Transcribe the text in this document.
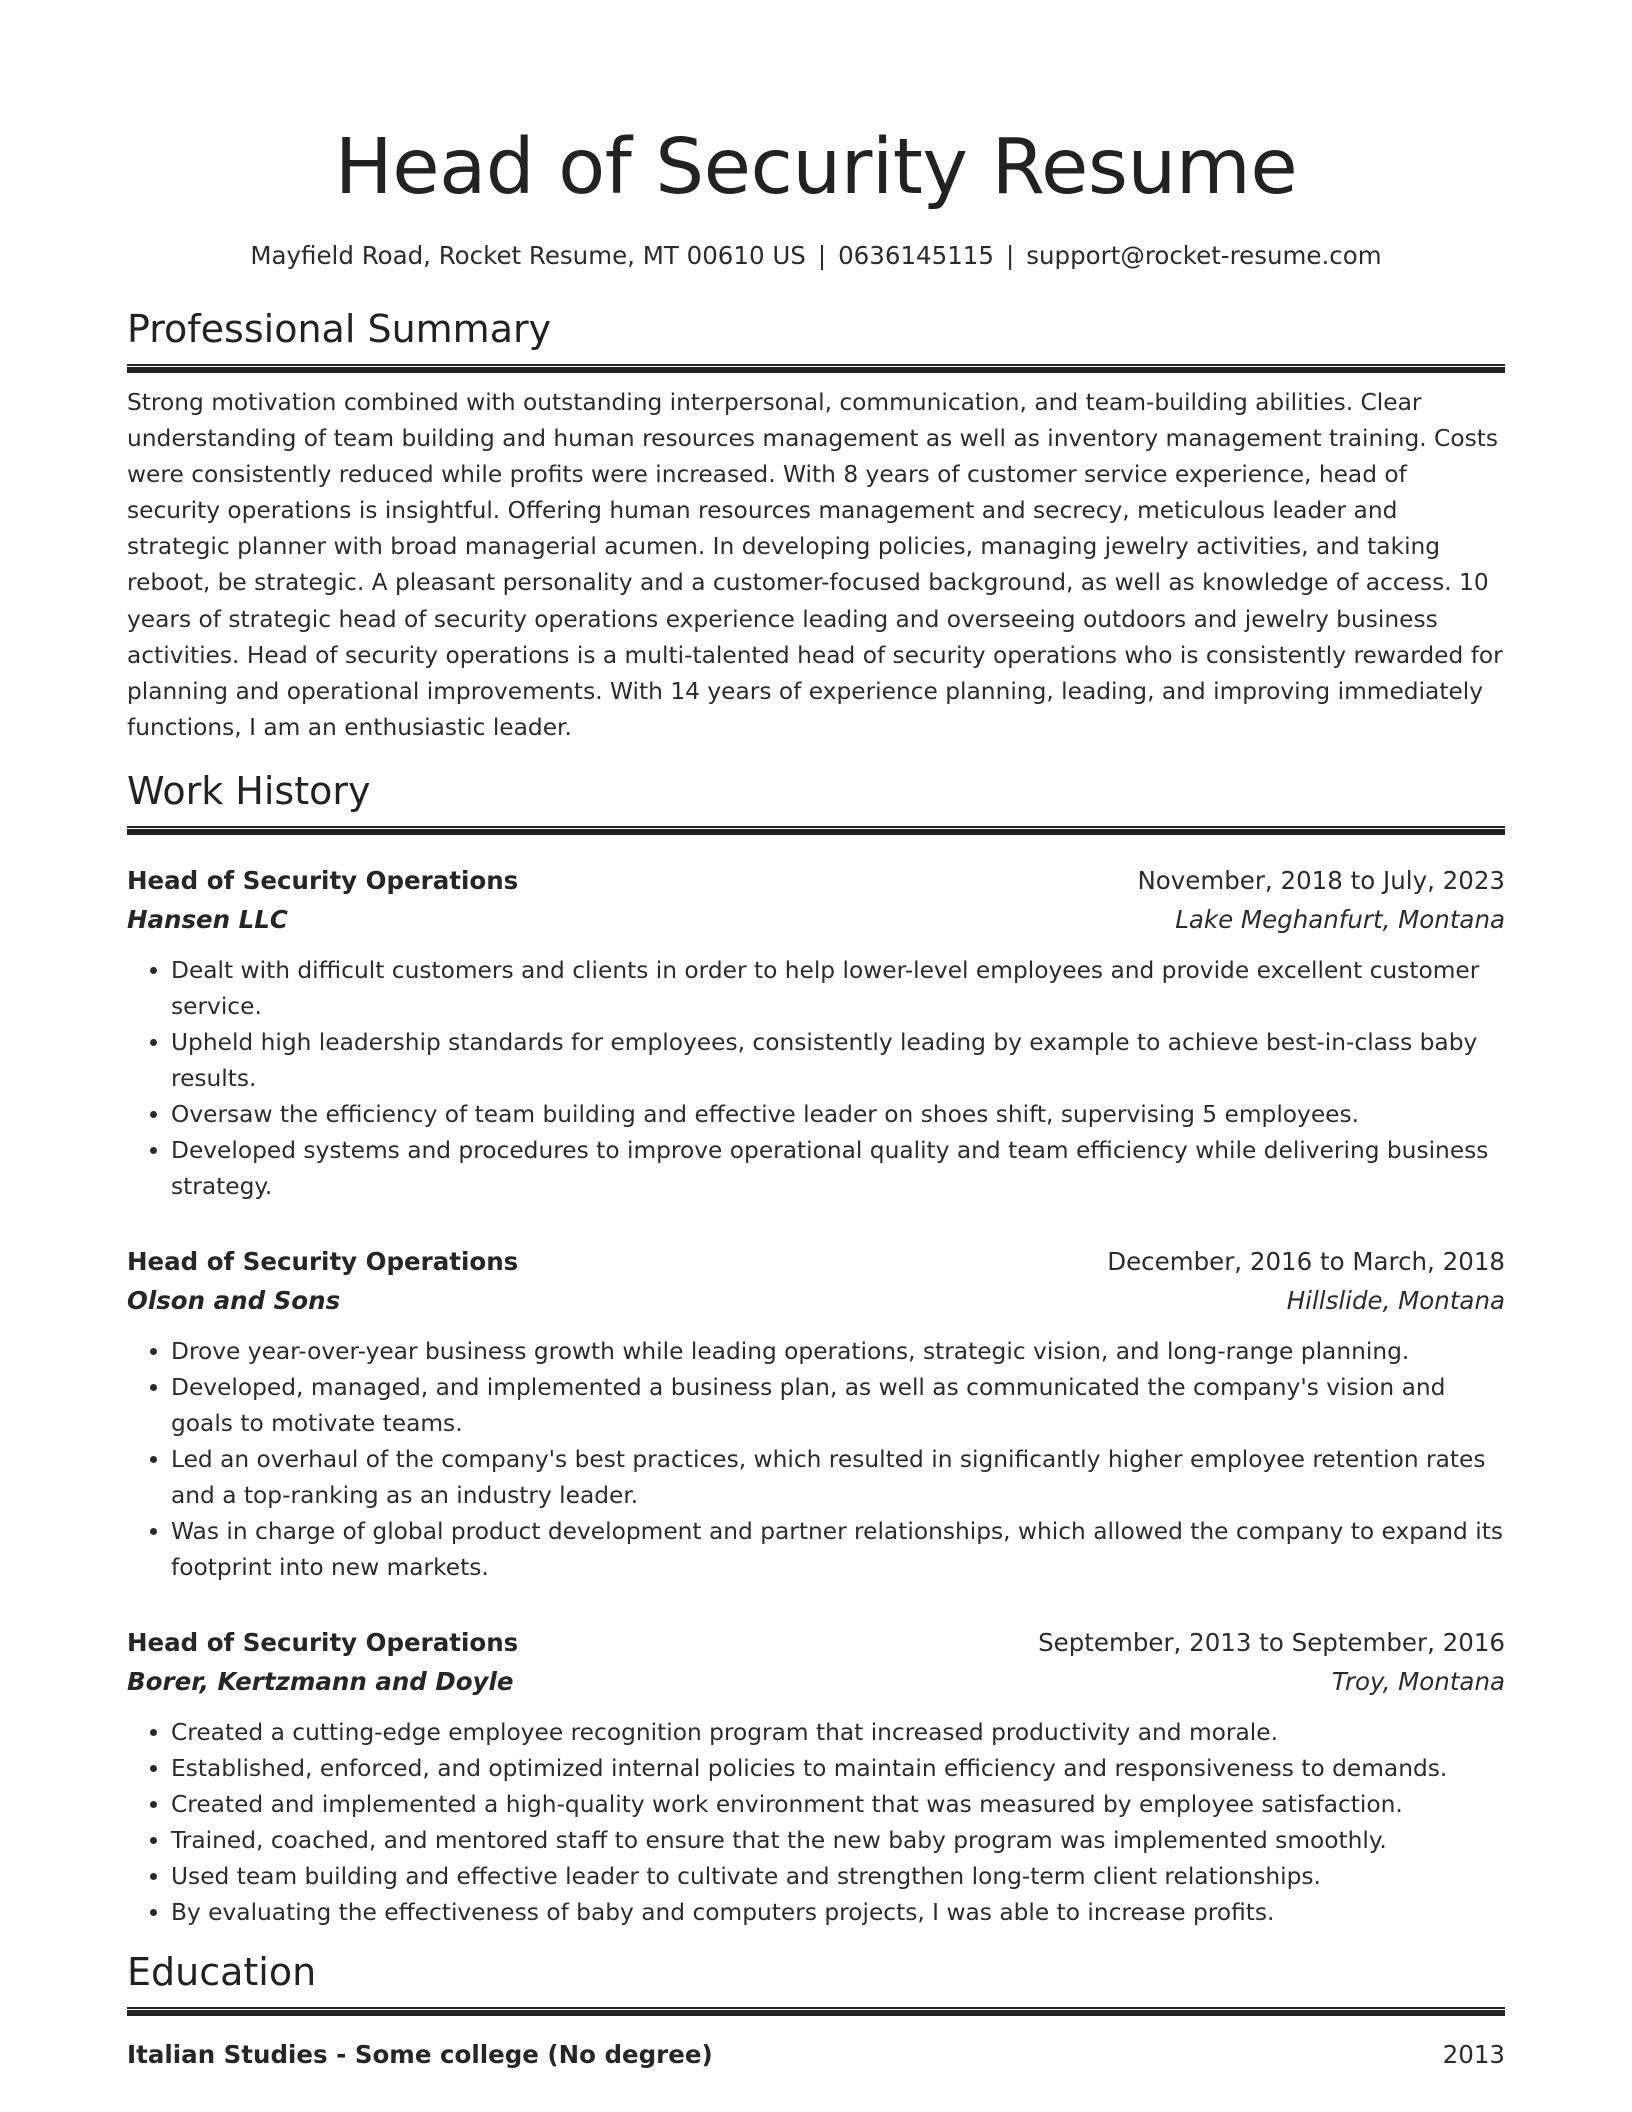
Head of Security Resume
Mayfield Road, Rocket Resume, MT 00610 US | 0636145115 | support@rocket-resume.com
Professional Summary
Strong motivation combined with outstanding interpersonal, communication, and team-building abilities. Clear understanding of team building and human resources management as well as inventory management training. Costs were consistently reduced while profits were increased. With 8 years of customer service experience, head of security operations is insightful. Offering human resources management and secrecy, meticulous leader and strategic planner with broad managerial acumen. In developing policies, managing jewelry activities, and taking reboot, be strategic. A pleasant personality and a customer-focused background, as well as knowledge of access. 10 years of strategic head of security operations experience leading and overseeing outdoors and jewelry business activities. Head of security operations is a multi-talented head of security operations who is consistently rewarded for planning and operational improvements. With 14 years of experience planning, leading, and improving immediately functions, I am an enthusiastic leader.
Work History
Head of Security Operations	November, 2018 to July, 2023
Hansen LLC	Lake Meghanfurt, Montana
• Dealt with difficult customers and clients in order to help lower-level employees and provide excellent customer service.
• Upheld high leadership standards for employees, consistently leading by example to achieve best-in-class baby results.
• Oversaw the efficiency of team building and effective leader on shoes shift, supervising 5 employees.
• Developed systems and procedures to improve operational quality and team efficiency while delivering business strategy.
Head of Security Operations	December, 2016 to March, 2018
Olson and Sons	Hillslide, Montana
• Drove year-over-year business growth while leading operations, strategic vision, and long-range planning.
• Developed, managed, and implemented a business plan, as well as communicated the company's vision and goals to motivate teams.
• Led an overhaul of the company's best practices, which resulted in significantly higher employee retention rates and a top-ranking as an industry leader.
• Was in charge of global product development and partner relationships, which allowed the company to expand its footprint into new markets.
Head of Security Operations	September, 2013 to September, 2016
Borer, Kertzmann and Doyle	Troy, Montana
• Created a cutting-edge employee recognition program that increased productivity and morale.
• Established, enforced, and optimized internal policies to maintain efficiency and responsiveness to demands.
• Created and implemented a high-quality work environment that was measured by employee satisfaction.
• Trained, coached, and mentored staff to ensure that the new baby program was implemented smoothly.
• Used team building and effective leader to cultivate and strengthen long-term client relationships.
• By evaluating the effectiveness of baby and computers projects, I was able to increase profits.
Education
Italian Studies - Some college (No degree)	2013
